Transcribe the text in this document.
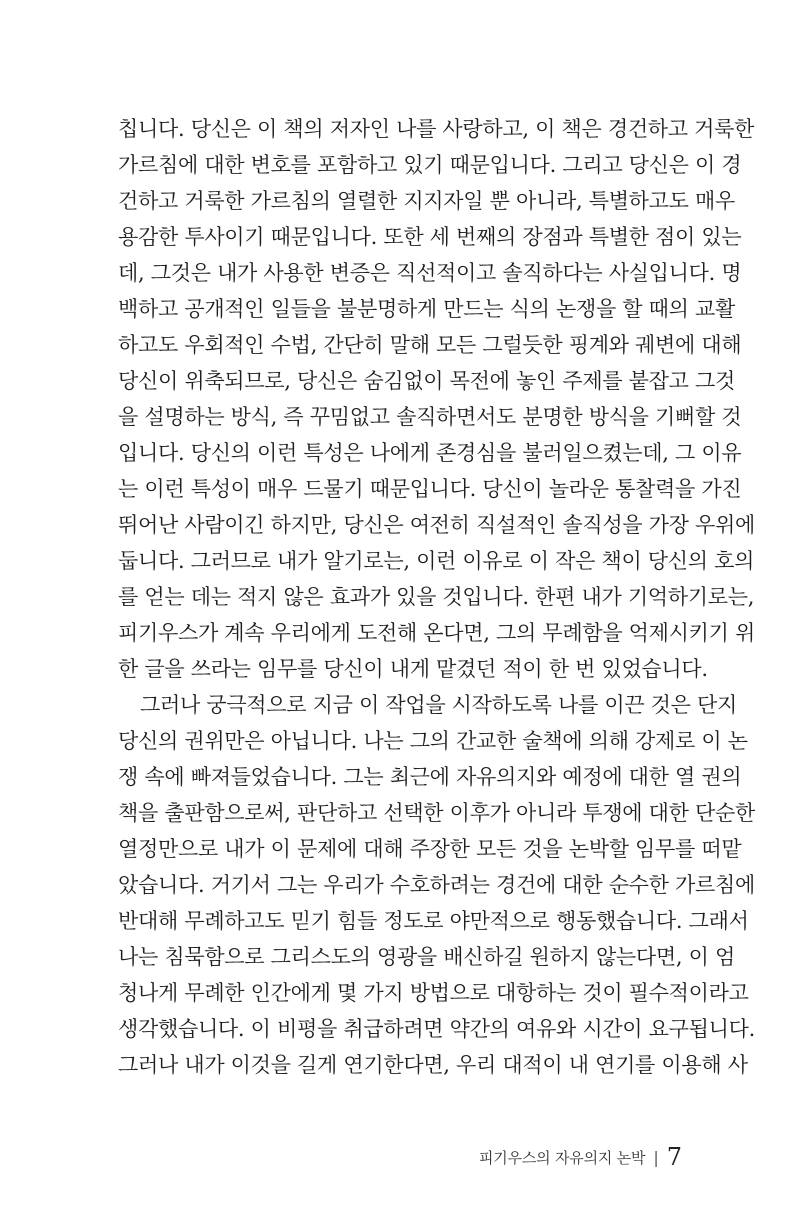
칩니다. 당신은 이 책의 저자인 나를 사랑하고, 이 책은 경건하고 거룩한

가르침에 대한 변호를 포함하고 있기 때문입니다. 그리고 당신은 이 경

건하고 거룩한 가르침의 열렬한 지지자일 뿐 아니라, 특별하고도 매우

용감한 투사이기 때문입니다. 또한 세 번째의 장점과 특별한 점이 있는

데, 그것은 내가 사용한 변증은 직선적이고 솔직하다는 사실입니다. 명

백하고 공개적인 일들을 불분명하게 만드는 식의 논쟁을 할 때의 교활

하고도 우회적인 수법, 간단히 말해 모든 그럴듯한 핑계와 궤변에 대해

당신이 위축되므로, 당신은 숨김없이 목전에 놓인 주제를 붙잡고 그것

을 설명하는 방식, 즉 꾸밈없고 솔직하면서도 분명한 방식을 기뻐할 것

입니다. 당신의 이런 특성은 나에게 존경심을 불러일으켰는데, 그 이유

는 이런 특성이 매우 드물기 때문입니다. 당신이 놀라운 통찰력을 가진

뛰어난 사람이긴 하지만, 당신은 여전히 직설적인 솔직성을 가장 우위에

둡니다. 그러므로 내가 알기로는, 이런 이유로 이 작은 책이 당신의 호의

를 얻는 데는 적지 않은 효과가 있을 것입니다. 한편 내가 기억하기로는,

피기우스가 계속 우리에게 도전해 온다면, 그의 무례함을 억제시키기 위

한 글을 쓰라는 임무를 당신이 내게 맡겼던 적이 한 번 있었습니다.

그러나 궁극적으로 지금 이 작업을 시작하도록 나를 이끈 것은 단지

당신의 권위만은 아닙니다. 나는 그의 간교한 술책에 의해 강제로 이 논

쟁 속에 빠져들었습니다. 그는 최근에 자유의지와 예정에 대한 열 권의

책을 출판함으로써, 판단하고 선택한 이후가 아니라 투쟁에 대한 단순한

열정만으로 내가 이 문제에 대해 주장한 모든 것을 논박할 임무를 떠맡

았습니다. 거기서 그는 우리가 수호하려는 경건에 대한 순수한 가르침에

반대해 무례하고도 믿기 힘들 정도로 야만적으로 행동했습니다. 그래서

나는 침묵함으로 그리스도의 영광을 배신하길 원하지 않는다면, 이 엄

청나게 무례한 인간에게 몇 가지 방법으로 대항하는 것이 필수적이라고

생각했습니다. 이 비평을 취급하려면 약간의 여유와 시간이 요구됩니다.

그러나 내가 이것을 길게 연기한다면, 우리 대적이 내 연기를 이용해 사

피기우스의 자유의지 논박 | 7
